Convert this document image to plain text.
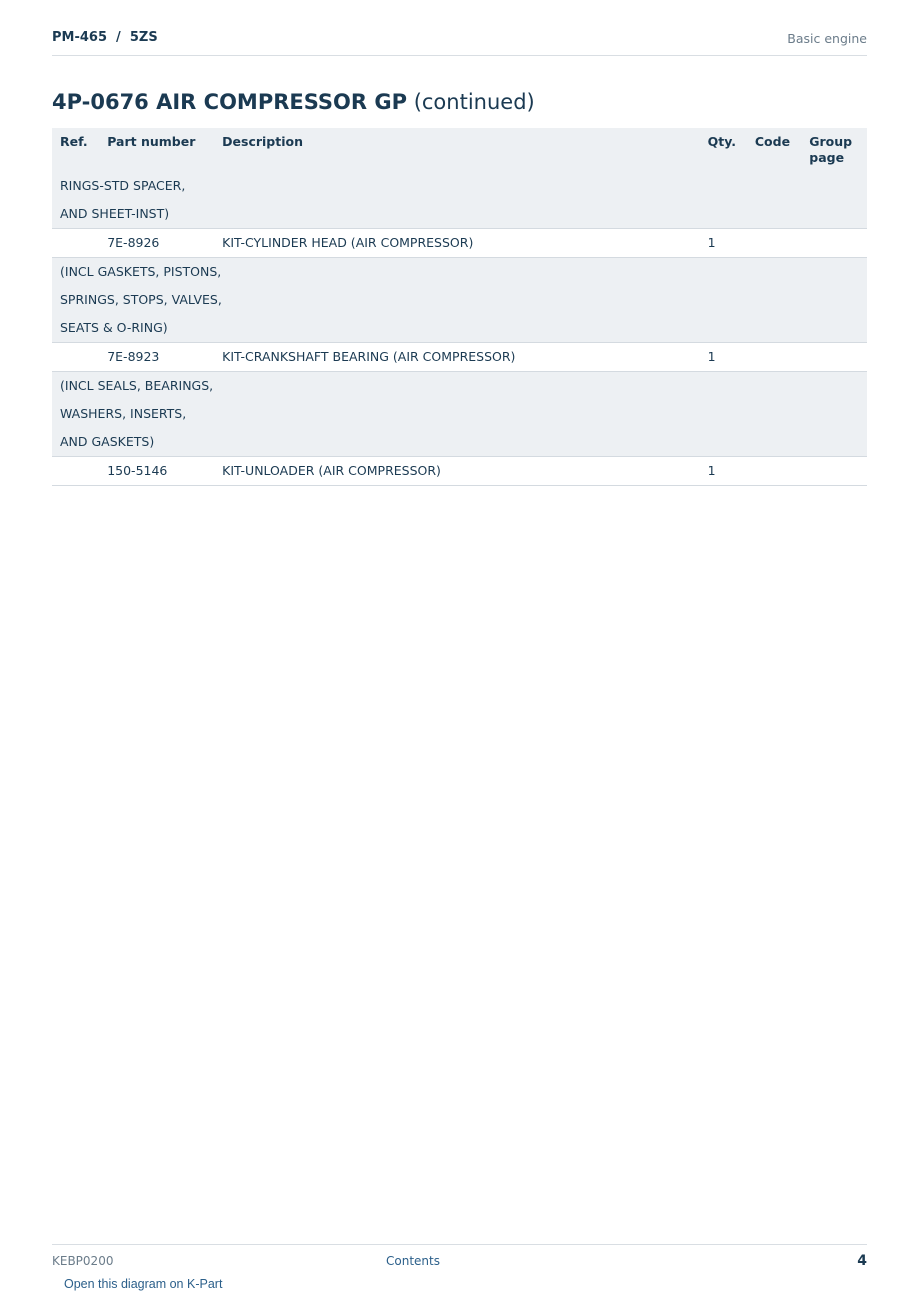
PM-465  /  5ZS	Basic engine
4P-0676 AIR COMPRESSOR GP (continued)
Ref.	Part number	Description	Qty.	Code	Group page
RINGS-STD SPACER,					
AND SHEET-INST)					
	7E-8926	KIT-CYLINDER HEAD (AIR COMPRESSOR)	1		
(INCL GASKETS, PISTONS,					
SPRINGS, STOPS, VALVES,					
SEATS & O-RING)					
	7E-8923	KIT-CRANKSHAFT BEARING (AIR COMPRESSOR)	1		
(INCL SEALS, BEARINGS,					
WASHERS, INSERTS,					
AND GASKETS)					
	150-5146	KIT-UNLOADER (AIR COMPRESSOR)	1		
KEBP0200	Contents	4
Open this diagram on K-Part
